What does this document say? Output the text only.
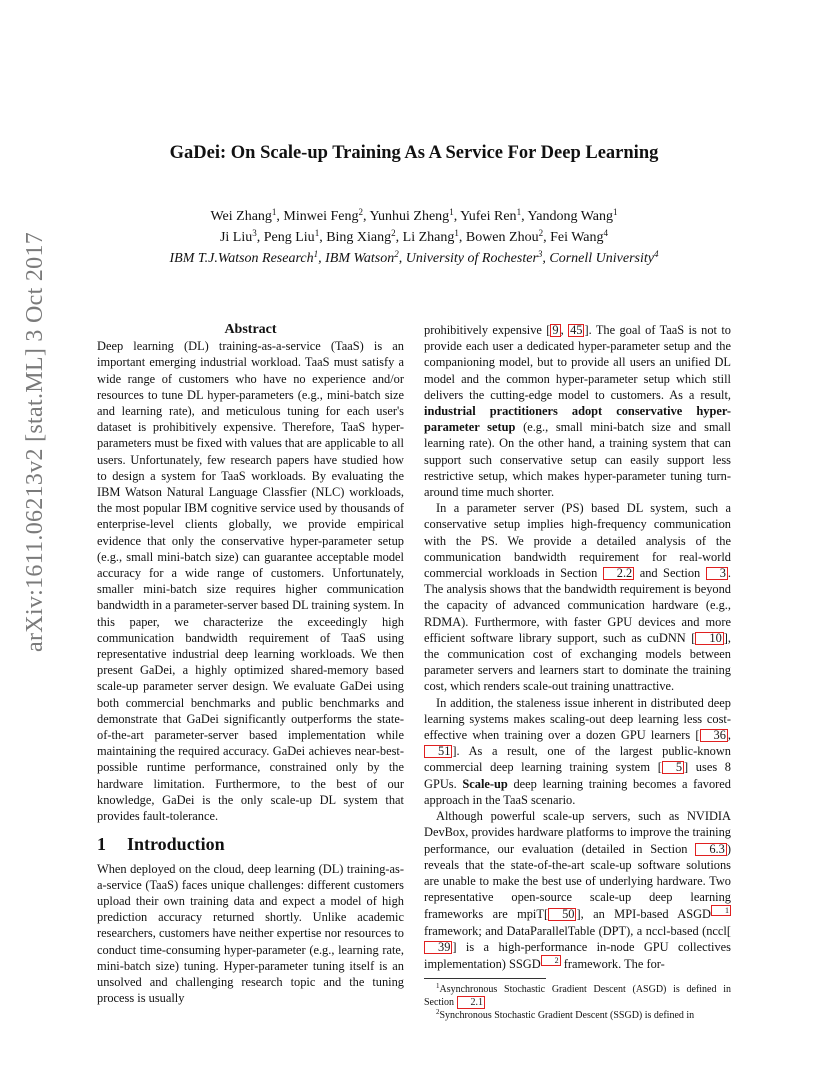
arXiv:1611.06213v2 [stat.ML] 3 Oct 2017
GaDei: On Scale-up Training As A Service For Deep Learning
Wei Zhang$^1$, Minwei Feng$^2$, Yunhui Zheng$^1$, Yufei Ren$^1$, Yandong Wang$^1$
Ji Liu$^3$, Peng Liu$^1$, Bing Xiang$^2$, Li Zhang$^1$, Bowen Zhou$^2$, Fei Wang$^4$
IBM T.J.Watson Research$^1$, IBM Watson$^2$, University of Rochester$^3$, Cornell University$^4$
Abstract

Deep learning (DL) training-as-a-service (TaaS) is an important emerging industrial workload. TaaS must satisfy a wide range of customers who have no experience and/or resources to tune DL hyper-parameters (e.g., mini-batch size and learning rate), and meticulous tuning for each user's dataset is prohibitively expensive. Therefore, TaaS hyper-parameters must be fixed with values that are applicable to all users. Unfortunately, few research papers have studied how to design a system for TaaS workloads. By evaluating the IBM Watson Natural Language Classfier (NLC) workloads, the most popular IBM cognitive service used by thousands of enterprise-level clients globally, we provide empirical evidence that only the conservative hyper-parameter setup (e.g., small mini-batch size) can guarantee acceptable model accuracy for a wide range of customers. Unfortunately, smaller mini-batch size requires higher communication bandwidth in a parameter-server based DL training system. In this paper, we characterize the exceedingly high communication bandwidth requirement of TaaS using representative industrial deep learning workloads. We then present GaDei, a highly optimized shared-memory based scale-up parameter server design. We evaluate GaDei using both commercial benchmarks and public benchmarks and demonstrate that GaDei significantly outperforms the state-of-the-art parameter-server based implementation while maintaining the required accuracy. GaDei achieves near-best-possible runtime performance, constrained only by the hardware limitation. Furthermore, to the best of our knowledge, GaDei is the only scale-up DL system that provides fault-tolerance.

1 Introduction

When deployed on the cloud, deep learning (DL) training-as-a-service (TaaS) faces unique challenges: different customers upload their own training data and expect a model of high prediction accuracy returned shortly. Unlike academic researchers, customers have neither expertise nor resources to conduct time-consuming hyper-parameter (e.g., learning rate, mini-batch size) tuning. Hyper-parameter tuning itself is an unsolved and challenging research topic and the tuning process is usually

prohibitively expensive [ 9 , 45 ]. The goal of TaaS is not to provide each user a dedicated hyper-parameter setup and the companioning model, but to provide all users an unified DL model and the common hyper-parameter setup which still delivers the cutting-edge model to customers. As a result, industrial practitioners adopt conservative hyper-parameter setup (e.g., small mini-batch size and small learning rate). On the other hand, a training system that can support such conservative setup can easily support less restrictive setup, which makes hyper-parameter tuning turn-around time much shorter.

In a parameter server (PS) based DL system, such a conservative setup implies high-frequency communication with the PS. We provide a detailed analysis of the communication bandwidth requirement for real-world commercial workloads in Section 2.2 and Section 3 . The analysis shows that the bandwidth requirement is beyond the capacity of advanced communication hardware (e.g., RDMA). Furthermore, with faster GPU devices and more efficient software library support, such as cuDNN [ 10 ], the communication cost of exchanging models between parameter servers and learners start to dominate the training cost, which renders scale-out training unattractive.

In addition, the staleness issue inherent in distributed deep learning systems makes scaling-out deep learning less cost-effective when training over a dozen GPU learners [ 36 , 51 ]. As a result, one of the largest public-known commercial deep learning training system [ 5 ] uses 8 GPUs. Scale-up deep learning training becomes a favored approach in the TaaS scenario.

Although powerful scale-up servers, such as NVIDIA DevBox, provides hardware platforms to improve the training performance, our evaluation (detailed in Section 6.3 ) reveals that the state-of-the-art scale-up software solutions are unable to make the best use of underlying hardware. Two representative open-source scale-up deep learning frameworks are mpiT[ 50 ], an MPI-based ASGD 1 framework; and DataParallelTable (DPT), a nccl-based (nccl[39 ] is a high-performance in-node GPU collectives implementation) SSGD 2 framework. The for-

$^1$Asynchronous Stochastic Gradient Descent (ASGD) is defined in Section 2.1

$^2$Synchronous Stochastic Gradient Descent (SSGD) is defined in
